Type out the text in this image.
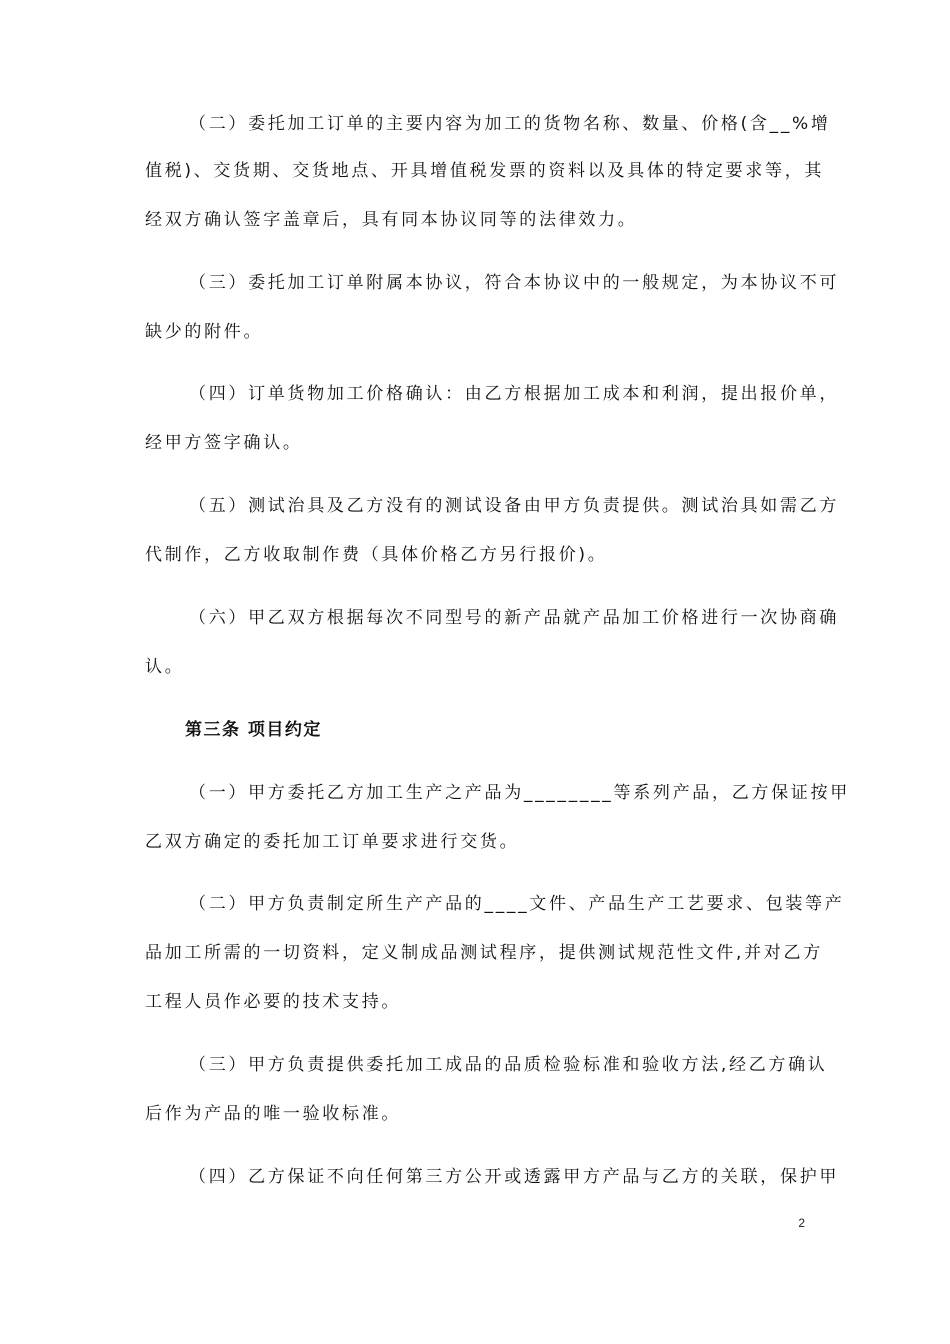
（二）委托加工订单的主要内容为加工的货物名称、数量、价格(含__%增
值税)、交货期、交货地点、开具增值税发票的资料以及具体的特定要求等，其
经双方确认签字盖章后，具有同本协议同等的法律效力。
（三）委托加工订单附属本协议，符合本协议中的一般规定，为本协议不可
缺少的附件。
（四）订单货物加工价格确认：由乙方根据加工成本和利润，提出报价单，
经甲方签字确认。
（五）测试治具及乙方没有的测试设备由甲方负责提供。测试治具如需乙方
代制作，乙方收取制作费（具体价格乙方另行报价)。
（六）甲乙双方根据每次不同型号的新产品就产品加工价格进行一次协商确
认。
第三条 项目约定
（一）甲方委托乙方加工生产之产品为________等系列产品，乙方保证按甲
乙双方确定的委托加工订单要求进行交货。
（二）甲方负责制定所生产产品的____文件、产品生产工艺要求、包装等产
品加工所需的一切资料，定义制成品测试程序，提供测试规范性文件,并对乙方
工程人员作必要的技术支持。
（三）甲方负责提供委托加工成品的品质检验标准和验收方法,经乙方确认
后作为产品的唯一验收标准。
（四）乙方保证不向任何第三方公开或透露甲方产品与乙方的关联，保护甲
2
